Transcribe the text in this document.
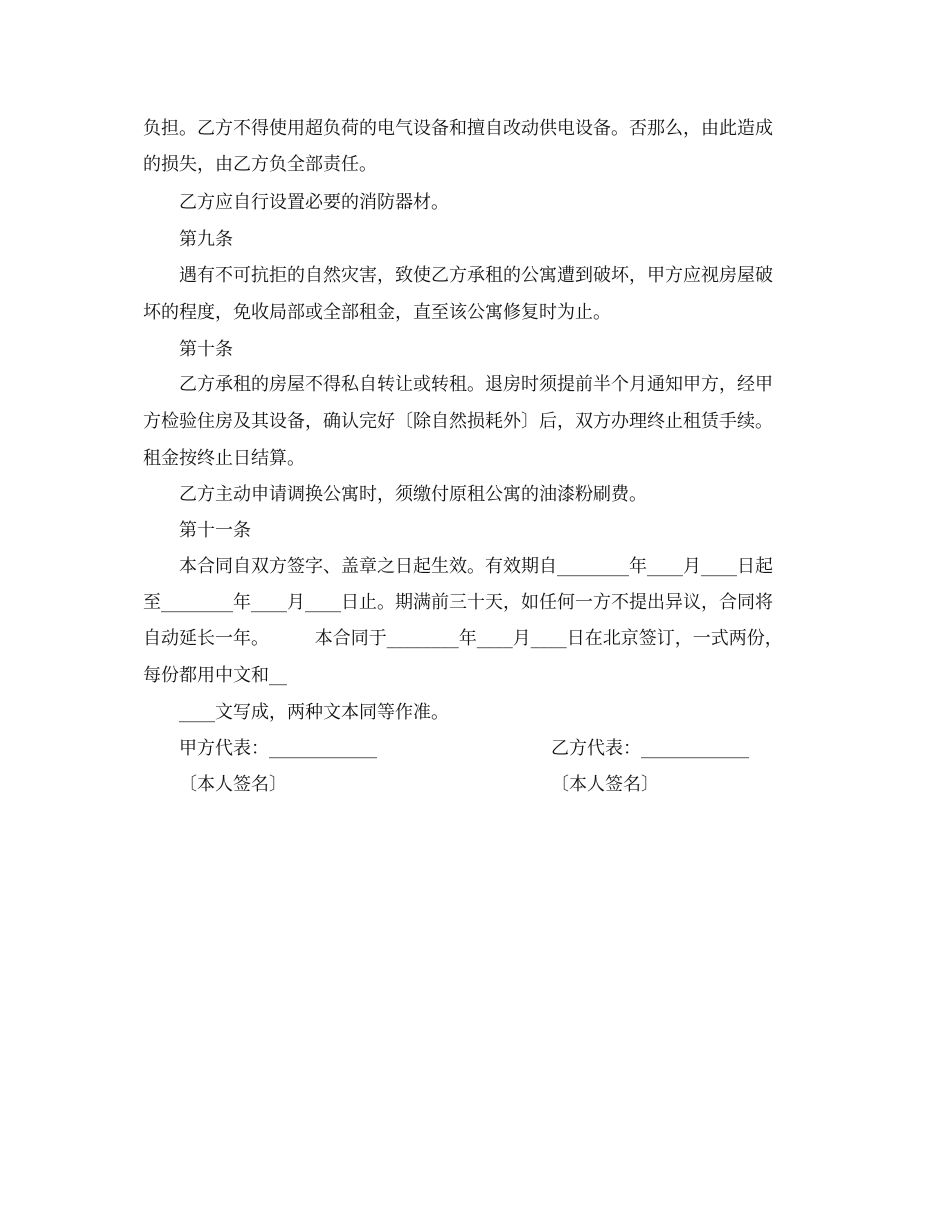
负担。乙方不得使用超负荷的电气设备和擅自改动供电设备。否那么，由此造成
的损失，由乙方负全部责任。
乙方应自行设置必要的消防器材。
第九条
遇有不可抗拒的自然灾害，致使乙方承租的公寓遭到破坏，甲方应视房屋破
坏的程度，免收局部或全部租金，直至该公寓修复时为止。
第十条
乙方承租的房屋不得私自转让或转租。退房时须提前半个月通知甲方，经甲
方检验住房及其设备，确认完好〔除自然损耗外〕后，双方办理终止租赁手续。
租金按终止日结算。
乙方主动申请调换公寓时，须缴付原租公寓的油漆粉刷费。
第十一条
本合同自双方签字、盖章之日起生效。有效期自________年____月____日起
至________年____月____日止。期满前三十天，如任何一方不提出异议，合同将
自动延长一年。        本合同于________年____月____日在北京签订，一式两份，
每份都用中文和__
____文写成，两种文本同等作准。
甲方代表：____________	乙方代表：____________
〔本人签名〕	〔本人签名〕
